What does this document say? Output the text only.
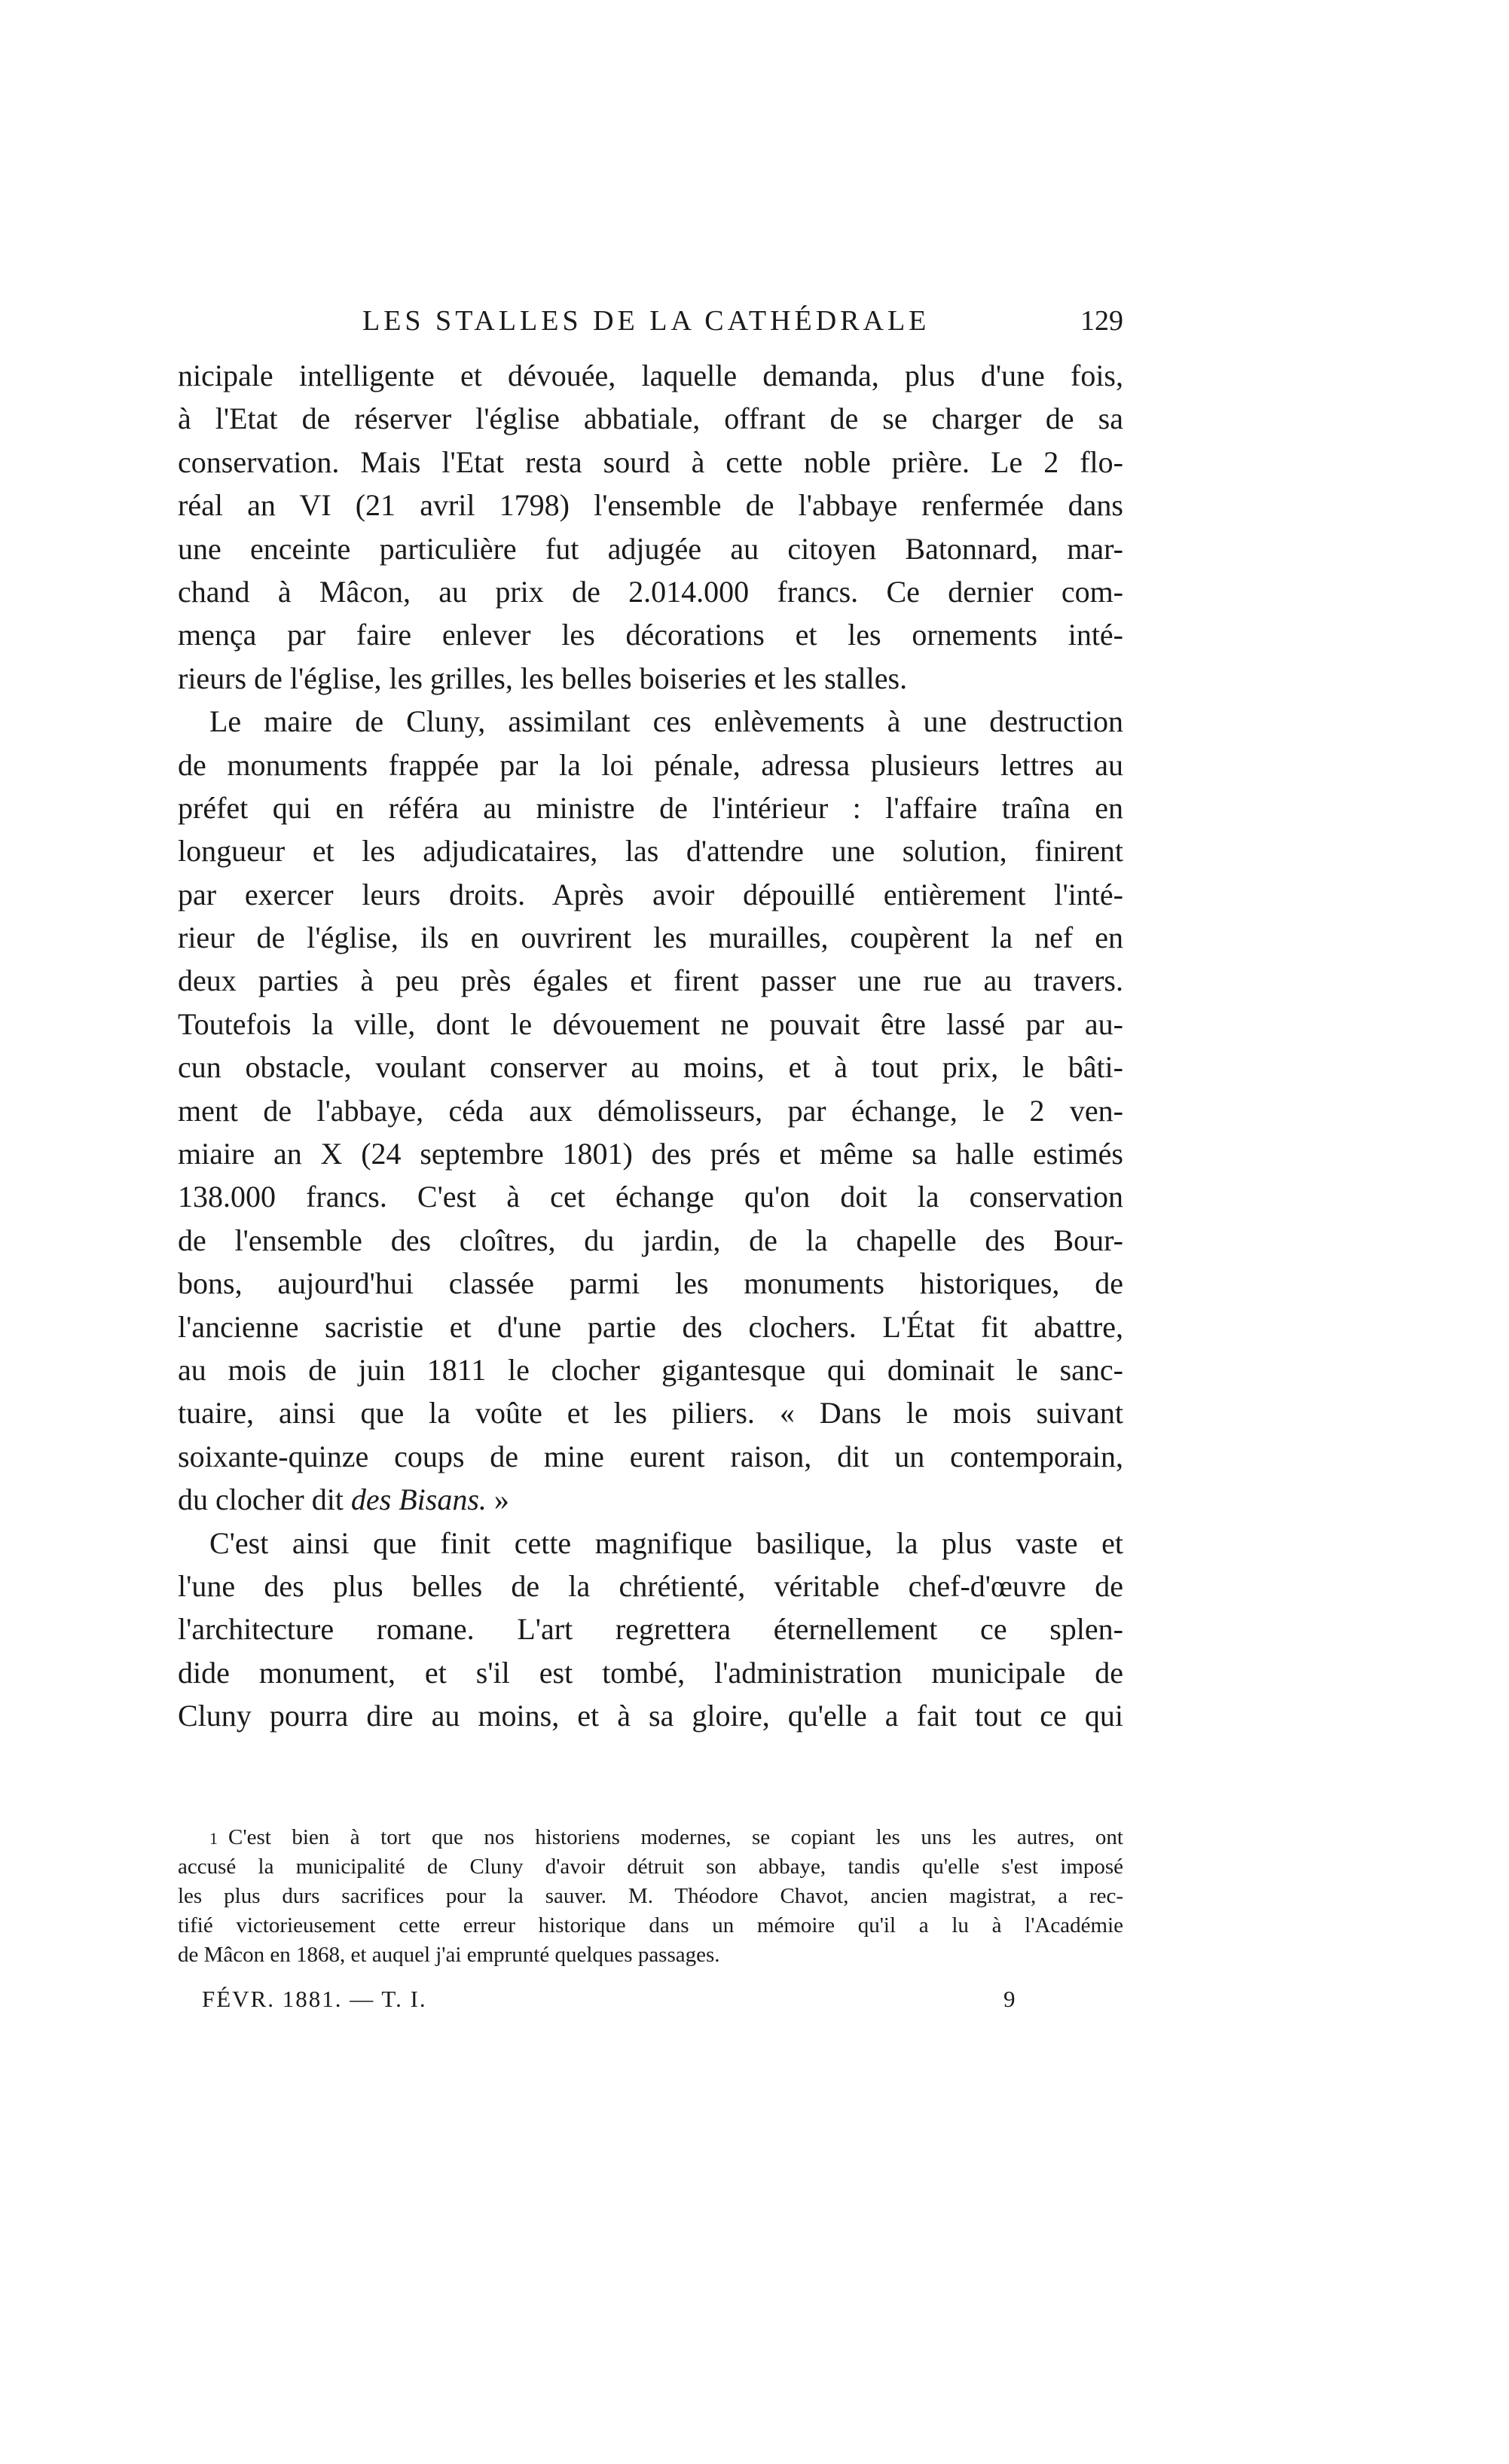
LES STALLES DE LA CATHÉDRALE	129
nicipale intelligente et dévouée, laquelle demanda, plus d'une fois,
à l'Etat de réserver l'église abbatiale, offrant de se charger de sa
conservation. Mais l'Etat resta sourd à cette noble prière. Le 2 flo-
réal an VI (21 avril 1798) l'ensemble de l'abbaye renfermée dans
une enceinte particulière fut adjugée au citoyen Batonnard, mar-
chand à Mâcon, au prix de 2.014.000 francs. Ce dernier com-
mença par faire enlever les décorations et les ornements inté-
rieurs de l'église, les grilles, les belles boiseries et les stalles.
Le maire de Cluny, assimilant ces enlèvements à une destruction
de monuments frappée par la loi pénale, adressa plusieurs lettres au
préfet qui en référa au ministre de l'intérieur : l'affaire traîna en
longueur et les adjudicataires, las d'attendre une solution, finirent
par exercer leurs droits. Après avoir dépouillé entièrement l'inté-
rieur de l'église, ils en ouvrirent les murailles, coupèrent la nef en
deux parties à peu près égales et firent passer une rue au travers.
Toutefois la ville, dont le dévouement ne pouvait être lassé par au-
cun obstacle, voulant conserver au moins, et à tout prix, le bâti-
ment de l'abbaye, céda aux démolisseurs, par échange, le 2 ven-
miaire an X (24 septembre 1801) des prés et même sa halle estimés
138.000 francs. C'est à cet échange qu'on doit la conservation
de l'ensemble des cloîtres, du jardin, de la chapelle des Bour-
bons, aujourd'hui classée parmi les monuments historiques, de
l'ancienne sacristie et d'une partie des clochers. L'État fit abattre,
au mois de juin 1811 le clocher gigantesque qui dominait le sanc-
tuaire, ainsi que la voûte et les piliers. « Dans le mois suivant
soixante-quinze coups de mine eurent raison, dit un contemporain,
du clocher dit des Bisans. »
C'est ainsi que finit cette magnifique basilique, la plus vaste et
l'une des plus belles de la chrétienté, véritable chef-d'œuvre de
l'architecture romane. L'art regrettera éternellement ce splen-
dide monument, et s'il est tombé, l'administration municipale de
Cluny pourra dire au moins, et à sa gloire, qu'elle a fait tout ce qui
1 C'est bien à tort que nos historiens modernes, se copiant les uns les autres, ont
accusé la municipalité de Cluny d'avoir détruit son abbaye, tandis qu'elle s'est imposé
les plus durs sacrifices pour la sauver. M. Théodore Chavot, ancien magistrat, a rec-
tifié victorieusement cette erreur historique dans un mémoire qu'il a lu à l'Académie
de Mâcon en 1868, et auquel j'ai emprunté quelques passages.
FÉVR. 1881. — T. I.	9
